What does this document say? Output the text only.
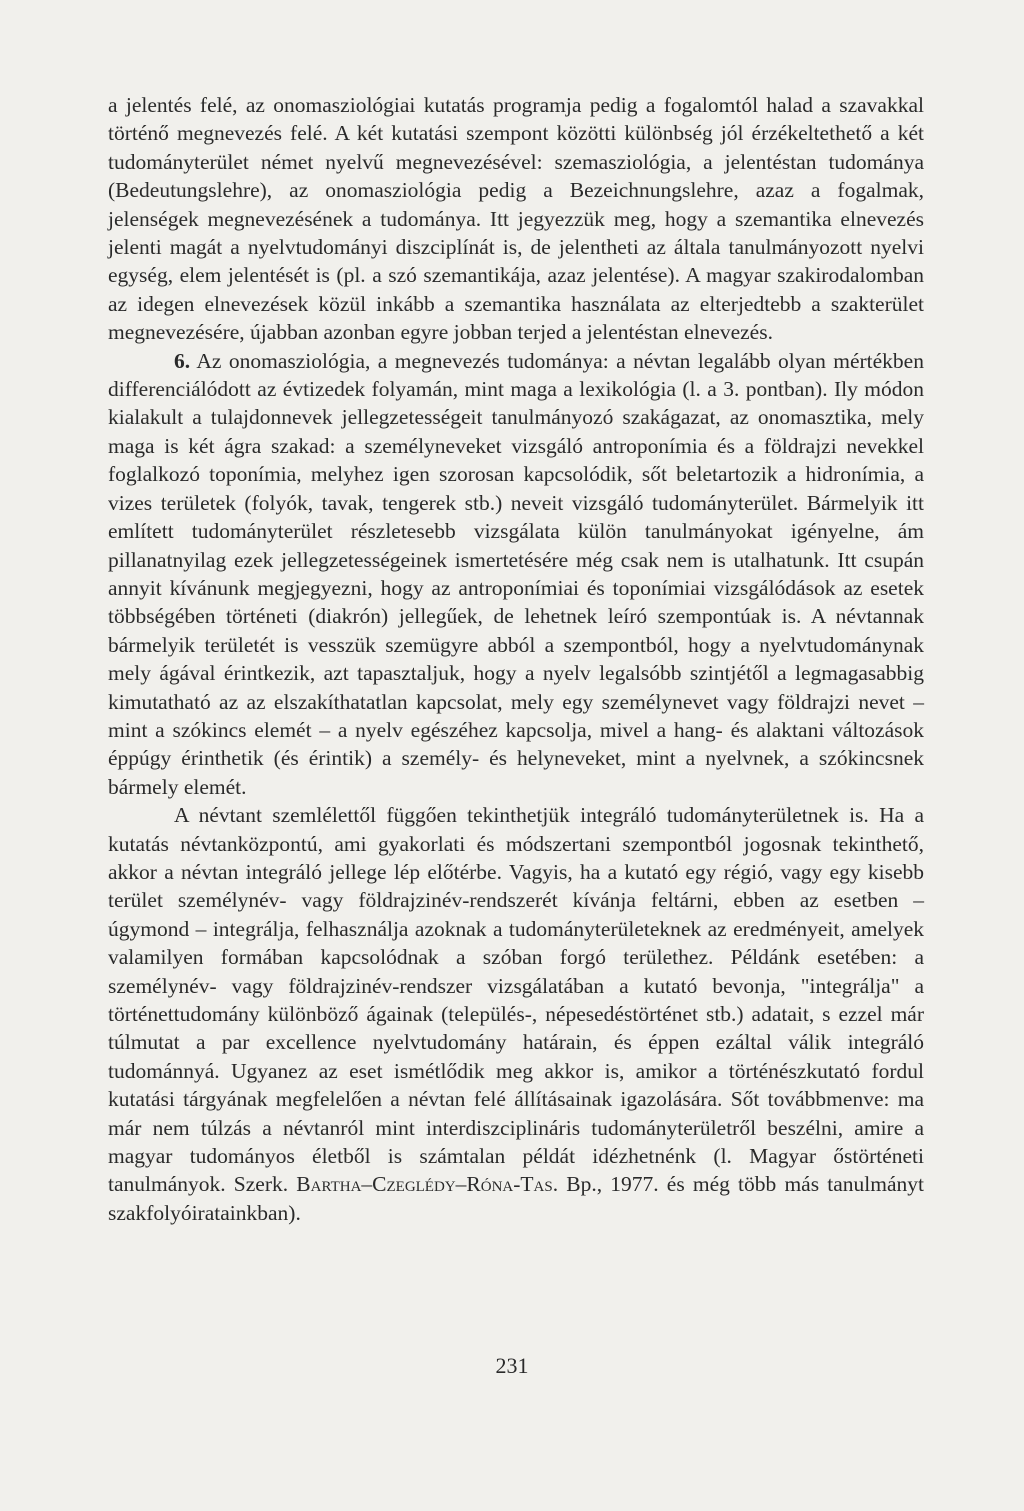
a jelentés felé, az onomasziológiai kutatás programja pedig a fogalomtól halad a szavakkal történő megnevezés felé. A két kutatási szempont közötti különbség jól érzékeltethető a két tudományterület német nyelvű megnevezésével: szemasziológia, a jelentéstan tudománya (Bedeutungslehre), az onomasziológia pedig a Bezeichnungslehre, azaz a fogalmak, jelenségek megnevezésének a tudománya. Itt jegyezzük meg, hogy a szemantika elnevezés jelenti magát a nyelvtudományi diszciplínát is, de jelentheti az általa tanulmányozott nyelvi egység, elem jelentését is (pl. a szó szemantikája, azaz jelentése). A magyar szakirodalomban az idegen elnevezések közül inkább a szemantika használata az elterjedtebb a szakterület megnevezésére, újabban azonban egyre jobban terjed a jelentéstan elnevezés.

6. Az onomasziológia, a megnevezés tudománya: a névtan legalább olyan mértékben differenciálódott az évtizedek folyamán, mint maga a lexikológia (l. a 3. pontban). Ily módon kialakult a tulajdonnevek jellegzetességeit tanulmányozó szakágazat, az onomasztika, mely maga is két ágra szakad: a személyneveket vizsgáló antroponímia és a földrajzi nevekkel foglalkozó toponímia, melyhez igen szorosan kapcsolódik, sőt beletartozik a hidronímia, a vizes területek (folyók, tavak, tengerek stb.) neveit vizsgáló tudományterület. Bármelyik itt említett tudományterület részletesebb vizsgálata külön tanulmányokat igényelne, ám pillanatnyilag ezek jellegzetességeinek ismertetésére még csak nem is utalhatunk. Itt csupán annyit kívánunk megjegyezni, hogy az antroponímiai és toponímiai vizsgálódások az esetek többségében történeti (diakrón) jellegűek, de lehetnek leíró szempontúak is. A névtannak bármelyik területét is vesszük szemügyre abból a szempontból, hogy a nyelvtudománynak mely ágával érintkezik, azt tapasztaljuk, hogy a nyelv legalsóbb szintjétől a legmagasabbig kimutatható az az elszakíthatatlan kapcsolat, mely egy személynevet vagy földrajzi nevet – mint a szókincs elemét – a nyelv egészéhez kapcsolja, mivel a hang- és alaktani változások éppúgy érinthetik (és érintik) a személy- és helyneveket, mint a nyelvnek, a szókincsnek bármely elemét.

A névtant szemlélettől függően tekinthetjük integráló tudományterületnek is. Ha a kutatás névtanközpontú, ami gyakorlati és módszertani szempontból jogosnak tekinthető, akkor a névtan integráló jellege lép előtérbe. Vagyis, ha a kutató egy régió, vagy egy kisebb terület személynév- vagy földrajzinév-rendszerét kívánja feltárni, ebben az esetben – úgymond – integrálja, felhasználja azoknak a tudományterületeknek az eredményeit, amelyek valamilyen formában kapcsolódnak a szóban forgó területhez. Példánk esetében: a személynév- vagy földrajzinév-rendszer vizsgálatában a kutató bevonja, "integrálja" a történettudomány különböző ágainak (település-, népesedéstörténet stb.) adatait, s ezzel már túlmutat a par excellence nyelvtudomány határain, és éppen ezáltal válik integráló tudománnyá. Ugyanez az eset ismétlődik meg akkor is, amikor a történészkutató fordul kutatási tárgyának megfelelően a névtan felé állításainak igazolására. Sőt továbbmenve: ma már nem túlzás a névtanról mint interdiszciplináris tudományterületről beszélni, amire a magyar tudományos életből is számtalan példát idézhetnénk (l. Magyar őstörténeti tanulmányok. Szerk. Bartha–Czeglédy–Róna-Tas. Bp., 1977. és még több más tanulmányt szakfolyóiratainkban).

231
